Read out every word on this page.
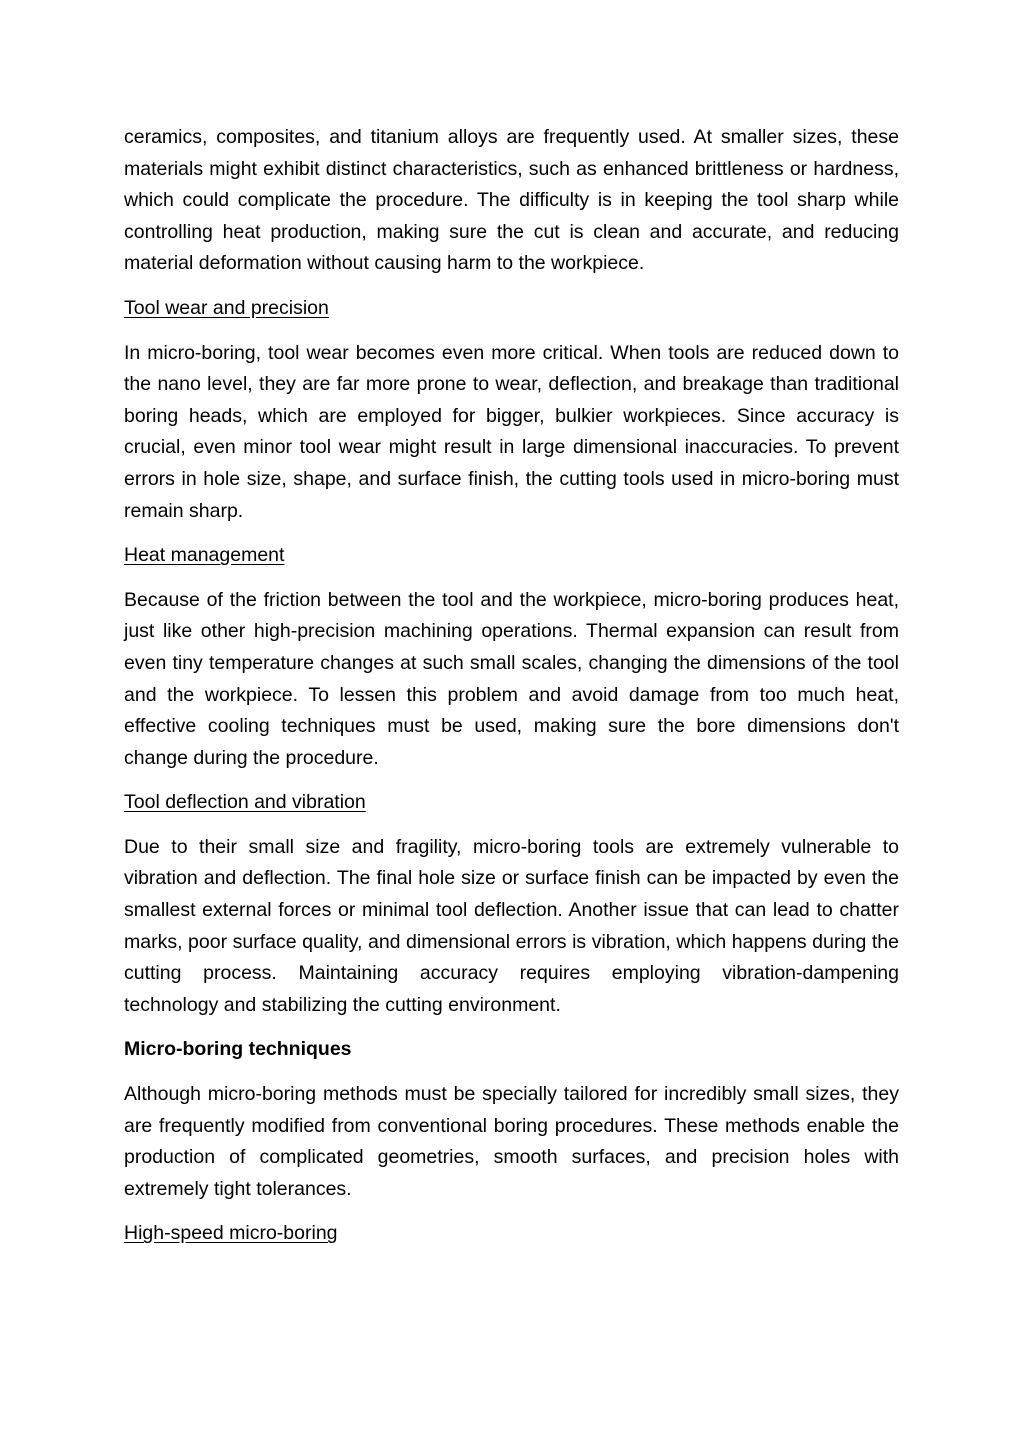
ceramics, composites, and titanium alloys are frequently used. At smaller sizes, these materials might exhibit distinct characteristics, such as enhanced brittleness or hardness, which could complicate the procedure. The difficulty is in keeping the tool sharp while controlling heat production, making sure the cut is clean and accurate, and reducing material deformation without causing harm to the workpiece.

Tool wear and precision

In micro-boring, tool wear becomes even more critical. When tools are reduced down to the nano level, they are far more prone to wear, deflection, and breakage than traditional boring heads, which are employed for bigger, bulkier workpieces. Since accuracy is crucial, even minor tool wear might result in large dimensional inaccuracies. To prevent errors in hole size, shape, and surface finish, the cutting tools used in micro-boring must remain sharp.

Heat management

Because of the friction between the tool and the workpiece, micro-boring produces heat, just like other high-precision machining operations. Thermal expansion can result from even tiny temperature changes at such small scales, changing the dimensions of the tool and the workpiece. To lessen this problem and avoid damage from too much heat, effective cooling techniques must be used, making sure the bore dimensions don't change during the procedure.

Tool deflection and vibration

Due to their small size and fragility, micro-boring tools are extremely vulnerable to vibration and deflection. The final hole size or surface finish can be impacted by even the smallest external forces or minimal tool deflection. Another issue that can lead to chatter marks, poor surface quality, and dimensional errors is vibration, which happens during the cutting process. Maintaining accuracy requires employing vibration-dampening technology and stabilizing the cutting environment.

Micro-boring techniques

Although micro-boring methods must be specially tailored for incredibly small sizes, they are frequently modified from conventional boring procedures. These methods enable the production of complicated geometries, smooth surfaces, and precision holes with extremely tight tolerances.

High-speed micro-boring
